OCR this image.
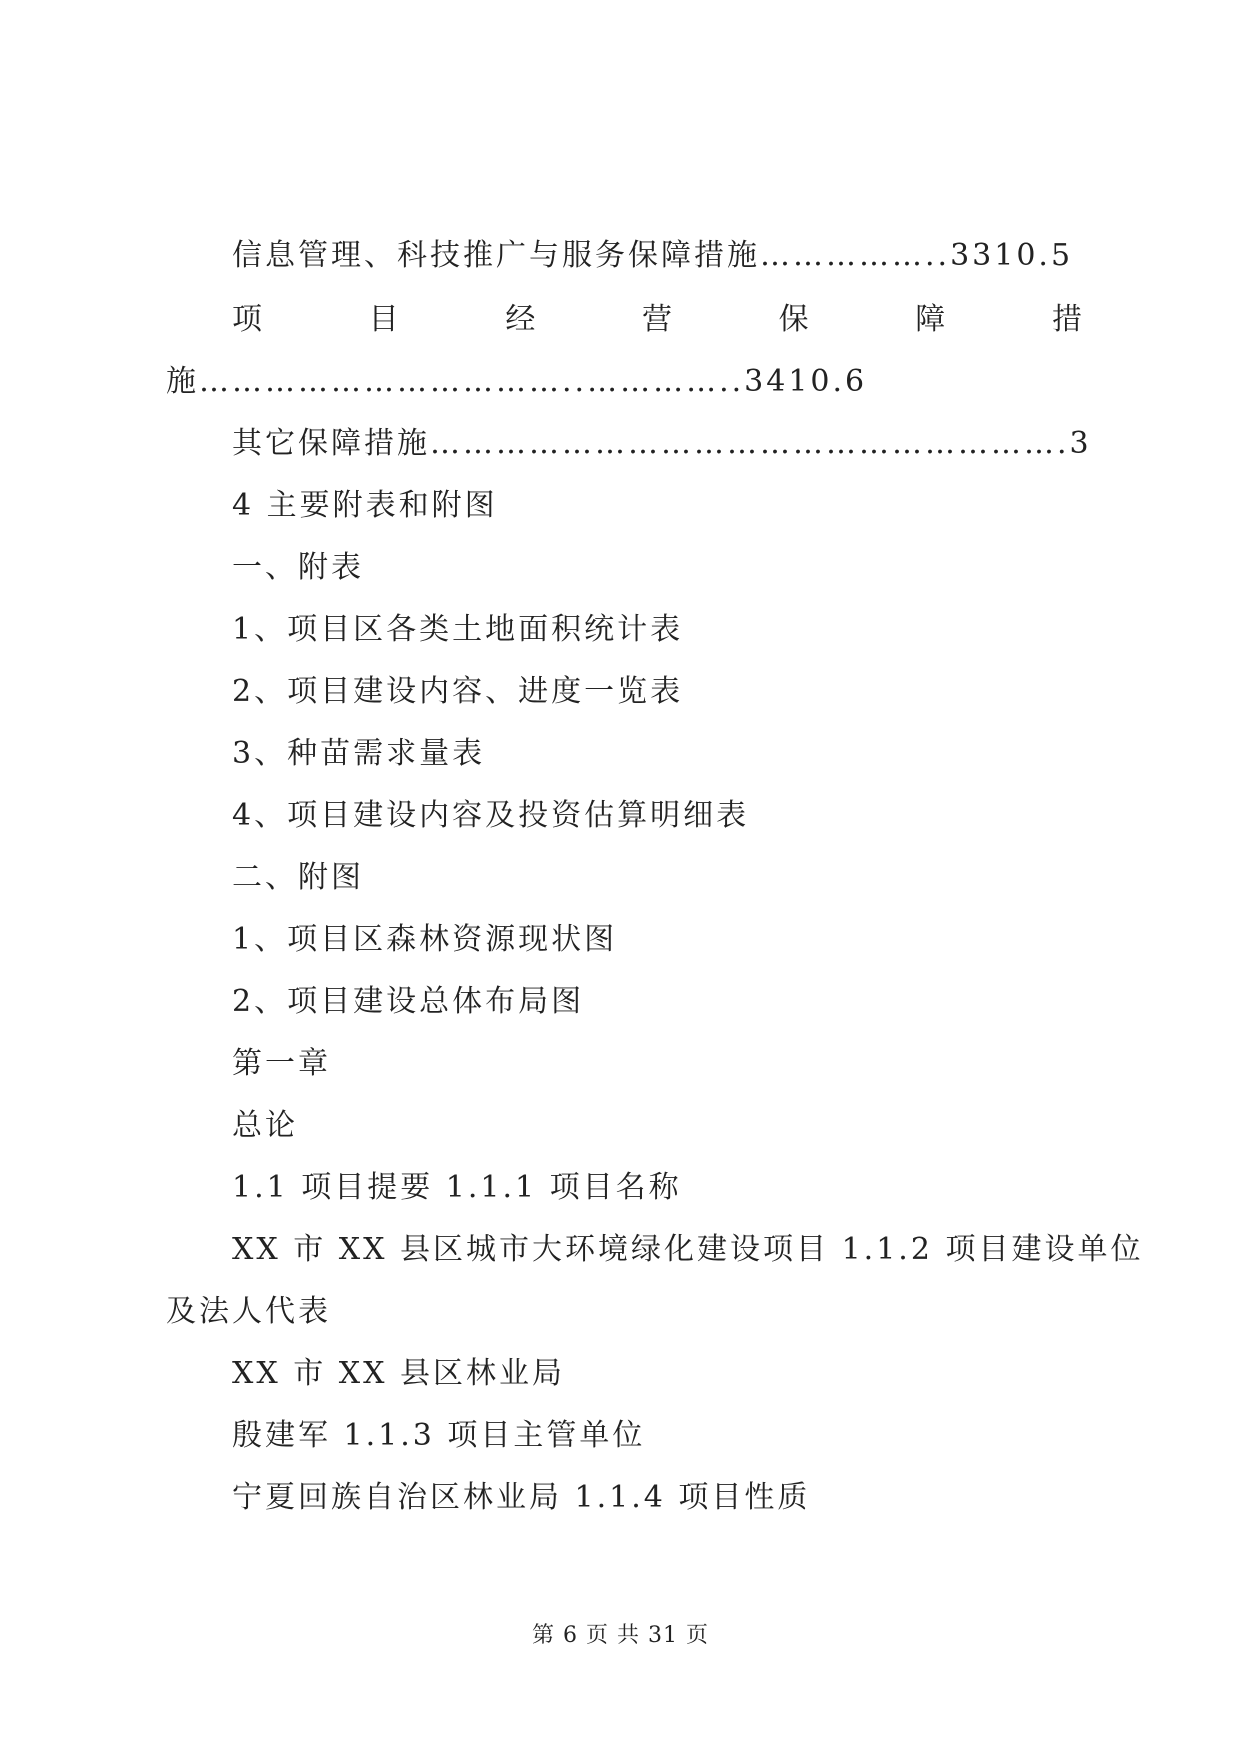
信息管理、科技推广与服务保障措施……………..3310.5
项	目	经	营	保	障	措
施……………………………..…………..3410.6
其它保障措施………………………………………………….3
4 主要附表和附图
一、附表
1、项目区各类土地面积统计表
2、项目建设内容、进度一览表
3、种苗需求量表
4、项目建设内容及投资估算明细表
二、附图
1、项目区森林资源现状图
2、项目建设总体布局图
第一章
总论
1.1 项目提要 1.1.1 项目名称
XX 市 XX 县区城市大环境绿化建设项目 1.1.2 项目建设单位
及法人代表
XX 市 XX 县区林业局
殷建军 1.1.3 项目主管单位
宁夏回族自治区林业局 1.1.4 项目性质
第 6 页 共 31 页
